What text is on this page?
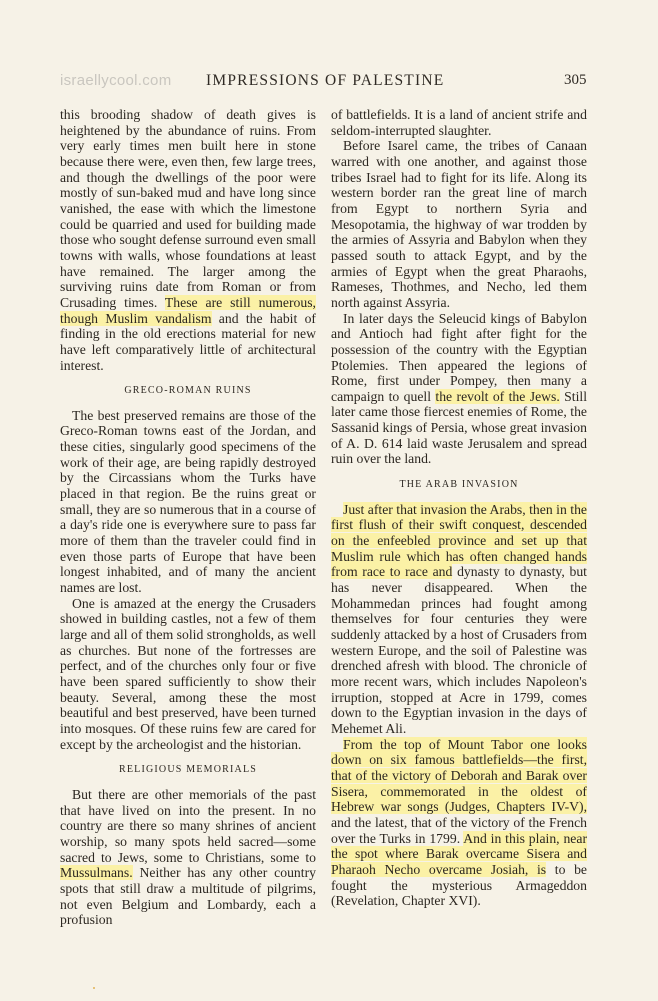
israellycool.com IMPRESSIONS OF PALESTINE	305

this brooding shadow of death gives is heightened by the abundance of ruins. From very early times men built here in stone because there were, even then, few large trees, and though the dwellings of the poor were mostly of sun-baked mud and have long since vanished, the ease with which the limestone could be quarried and used for building made those who sought defense surround even small towns with walls, whose foundations at least have remained. The larger among the surviving ruins date from Roman or from Crusading times. These are still numerous, though Muslim vandalism and the habit of finding in the old erections material for new have left comparatively little of architectural interest.

GRECO-ROMAN RUINS

The best preserved remains are those of the Greco-Roman towns east of the Jordan, and these cities, singularly good specimens of the work of their age, are being rapidly destroyed by the Circassians whom the Turks have placed in that region. Be the ruins great or small, they are so numerous that in a course of a day's ride one is everywhere sure to pass far more of them than the traveler could find in even those parts of Europe that have been longest inhabited, and of many the ancient names are lost.

One is amazed at the energy the Crusaders showed in building castles, not a few of them large and all of them solid strongholds, as well as churches. But none of the fortresses are perfect, and of the churches only four or five have been spared sufficiently to show their beauty. Several, among these the most beautiful and best preserved, have been turned into mosques. Of these ruins few are cared for except by the archeologist and the historian.

RELIGIOUS MEMORIALS

But there are other memorials of the past that have lived on into the present. In no country are there so many shrines of ancient worship, so many spots held sacred—some sacred to Jews, some to Christians, some to Mussulmans. Neither has any other country spots that still draw a multitude of pilgrims, not even Belgium and Lombardy, each a profusion

of battlefields. It is a land of ancient strife and seldom-interrupted slaughter.

Before Isarel came, the tribes of Canaan warred with one another, and against those tribes Israel had to fight for its life. Along its western border ran the great line of march from Egypt to northern Syria and Mesopotamia, the highway of war trodden by the armies of Assyria and Babylon when they passed south to attack Egypt, and by the armies of Egypt when the great Pharaohs, Rameses, Thothmes, and Necho, led them north against Assyria.

In later days the Seleucid kings of Babylon and Antioch had fight after fight for the possession of the country with the Egyptian Ptolemies. Then appeared the legions of Rome, first under Pompey, then many a campaign to quell the revolt of the Jews. Still later came those fiercest enemies of Rome, the Sassanid kings of Persia, whose great invasion of A. D. 614 laid waste Jerusalem and spread ruin over the land.

THE ARAB INVASION

Just after that invasion the Arabs, then in the first flush of their swift conquest, descended on the enfeebled province and set up that Muslim rule which has often changed hands from race to race and dynasty to dynasty, but has never disappeared. When the Mohammedan princes had fought among themselves for four centuries they were suddenly attacked by a host of Crusaders from western Europe, and the soil of Palestine was drenched afresh with blood. The chronicle of more recent wars, which includes Napoleon's irruption, stopped at Acre in 1799, comes down to the Egyptian invasion in the days of Mehemet Ali.

From the top of Mount Tabor one looks down on six famous battlefields—the first, that of the victory of Deborah and Barak over Sisera, commemorated in the oldest of Hebrew war songs (Judges, Chapters IV-V), and the latest, that of the victory of the French over the Turks in 1799. And in this plain, near the spot where Barak overcame Sisera and Pharaoh Necho overcame Josiah, is to be fought the mysterious Armageddon (Revelation, Chapter XVI).
